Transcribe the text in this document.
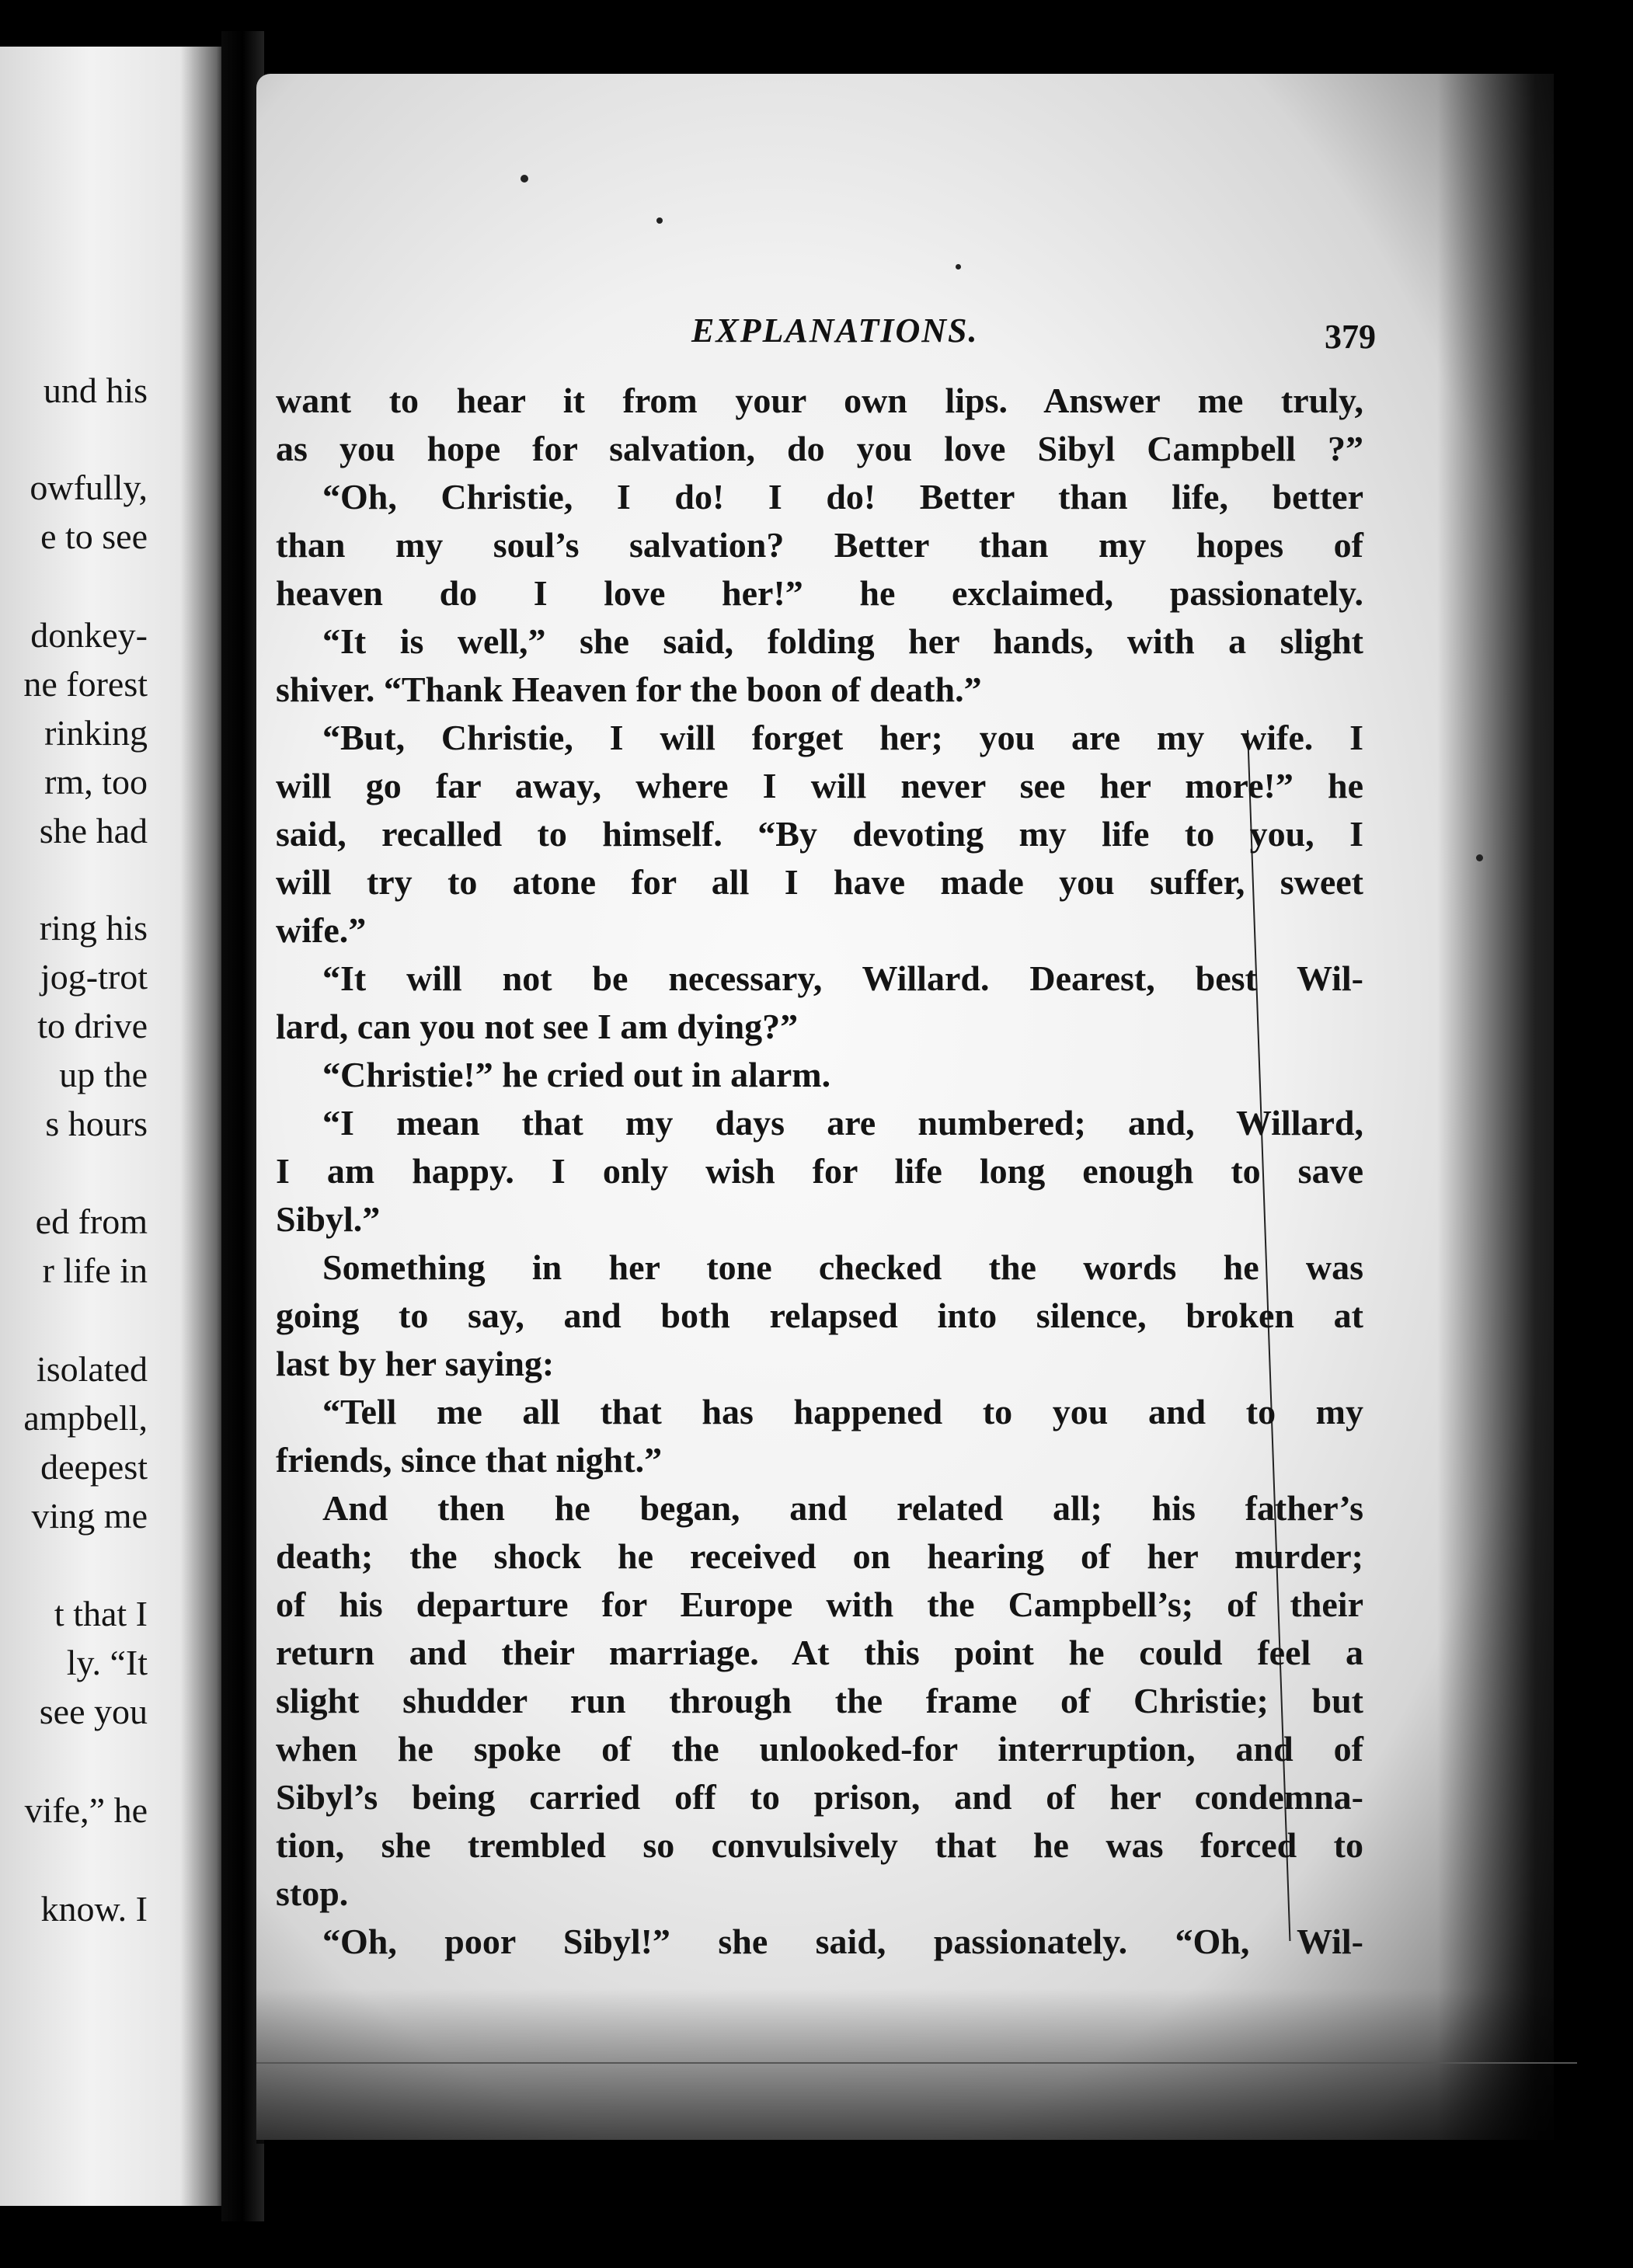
und his
owfully,
e to see
donkey-
ne forest
rinking
rm, too
she had
ring his
jog-trot
to drive
up the
s hours
ed from
r life in
isolated
ampbell,
deepest
ving me
t that I
ly. “It
see you
vife,” he
know. I
EXPLANATIONS.	379
want to hear it from your own lips. Answer me truly,
as you hope for salvation, do you love Sibyl Campbell ?”
“Oh, Christie, I do! I do! Better than life, better
than my soul’s salvation? Better than my hopes of
heaven do I love her!” he exclaimed, passionately.
“It is well,” she said, folding her hands, with a slight
shiver. “Thank Heaven for the boon of death.”
“But, Christie, I will forget her; you are my wife. I
will go far away, where I will never see her more!” he
said, recalled to himself. “By devoting my life to you, I
will try to atone for all I have made you suffer, sweet
wife.”
“It will not be necessary, Willard. Dearest, best Wil-
lard, can you not see I am dying?”
“Christie!” he cried out in alarm.
“I mean that my days are numbered; and, Willard,
I am happy. I only wish for life long enough to save
Sibyl.”
Something in her tone checked the words he was
going to say, and both relapsed into silence, broken at
last by her saying:
“Tell me all that has happened to you and to my
friends, since that night.”
And then he began, and related all; his father’s
death; the shock he received on hearing of her murder;
of his departure for Europe with the Campbell’s; of their
return and their marriage. At this point he could feel a
slight shudder run through the frame of Christie; but
when he spoke of the unlooked-for interruption, and of
Sibyl’s being carried off to prison, and of her condemna-
tion, she trembled so convulsively that he was forced to
stop.
“Oh, poor Sibyl!” she said, passionately. “Oh, Wil-
